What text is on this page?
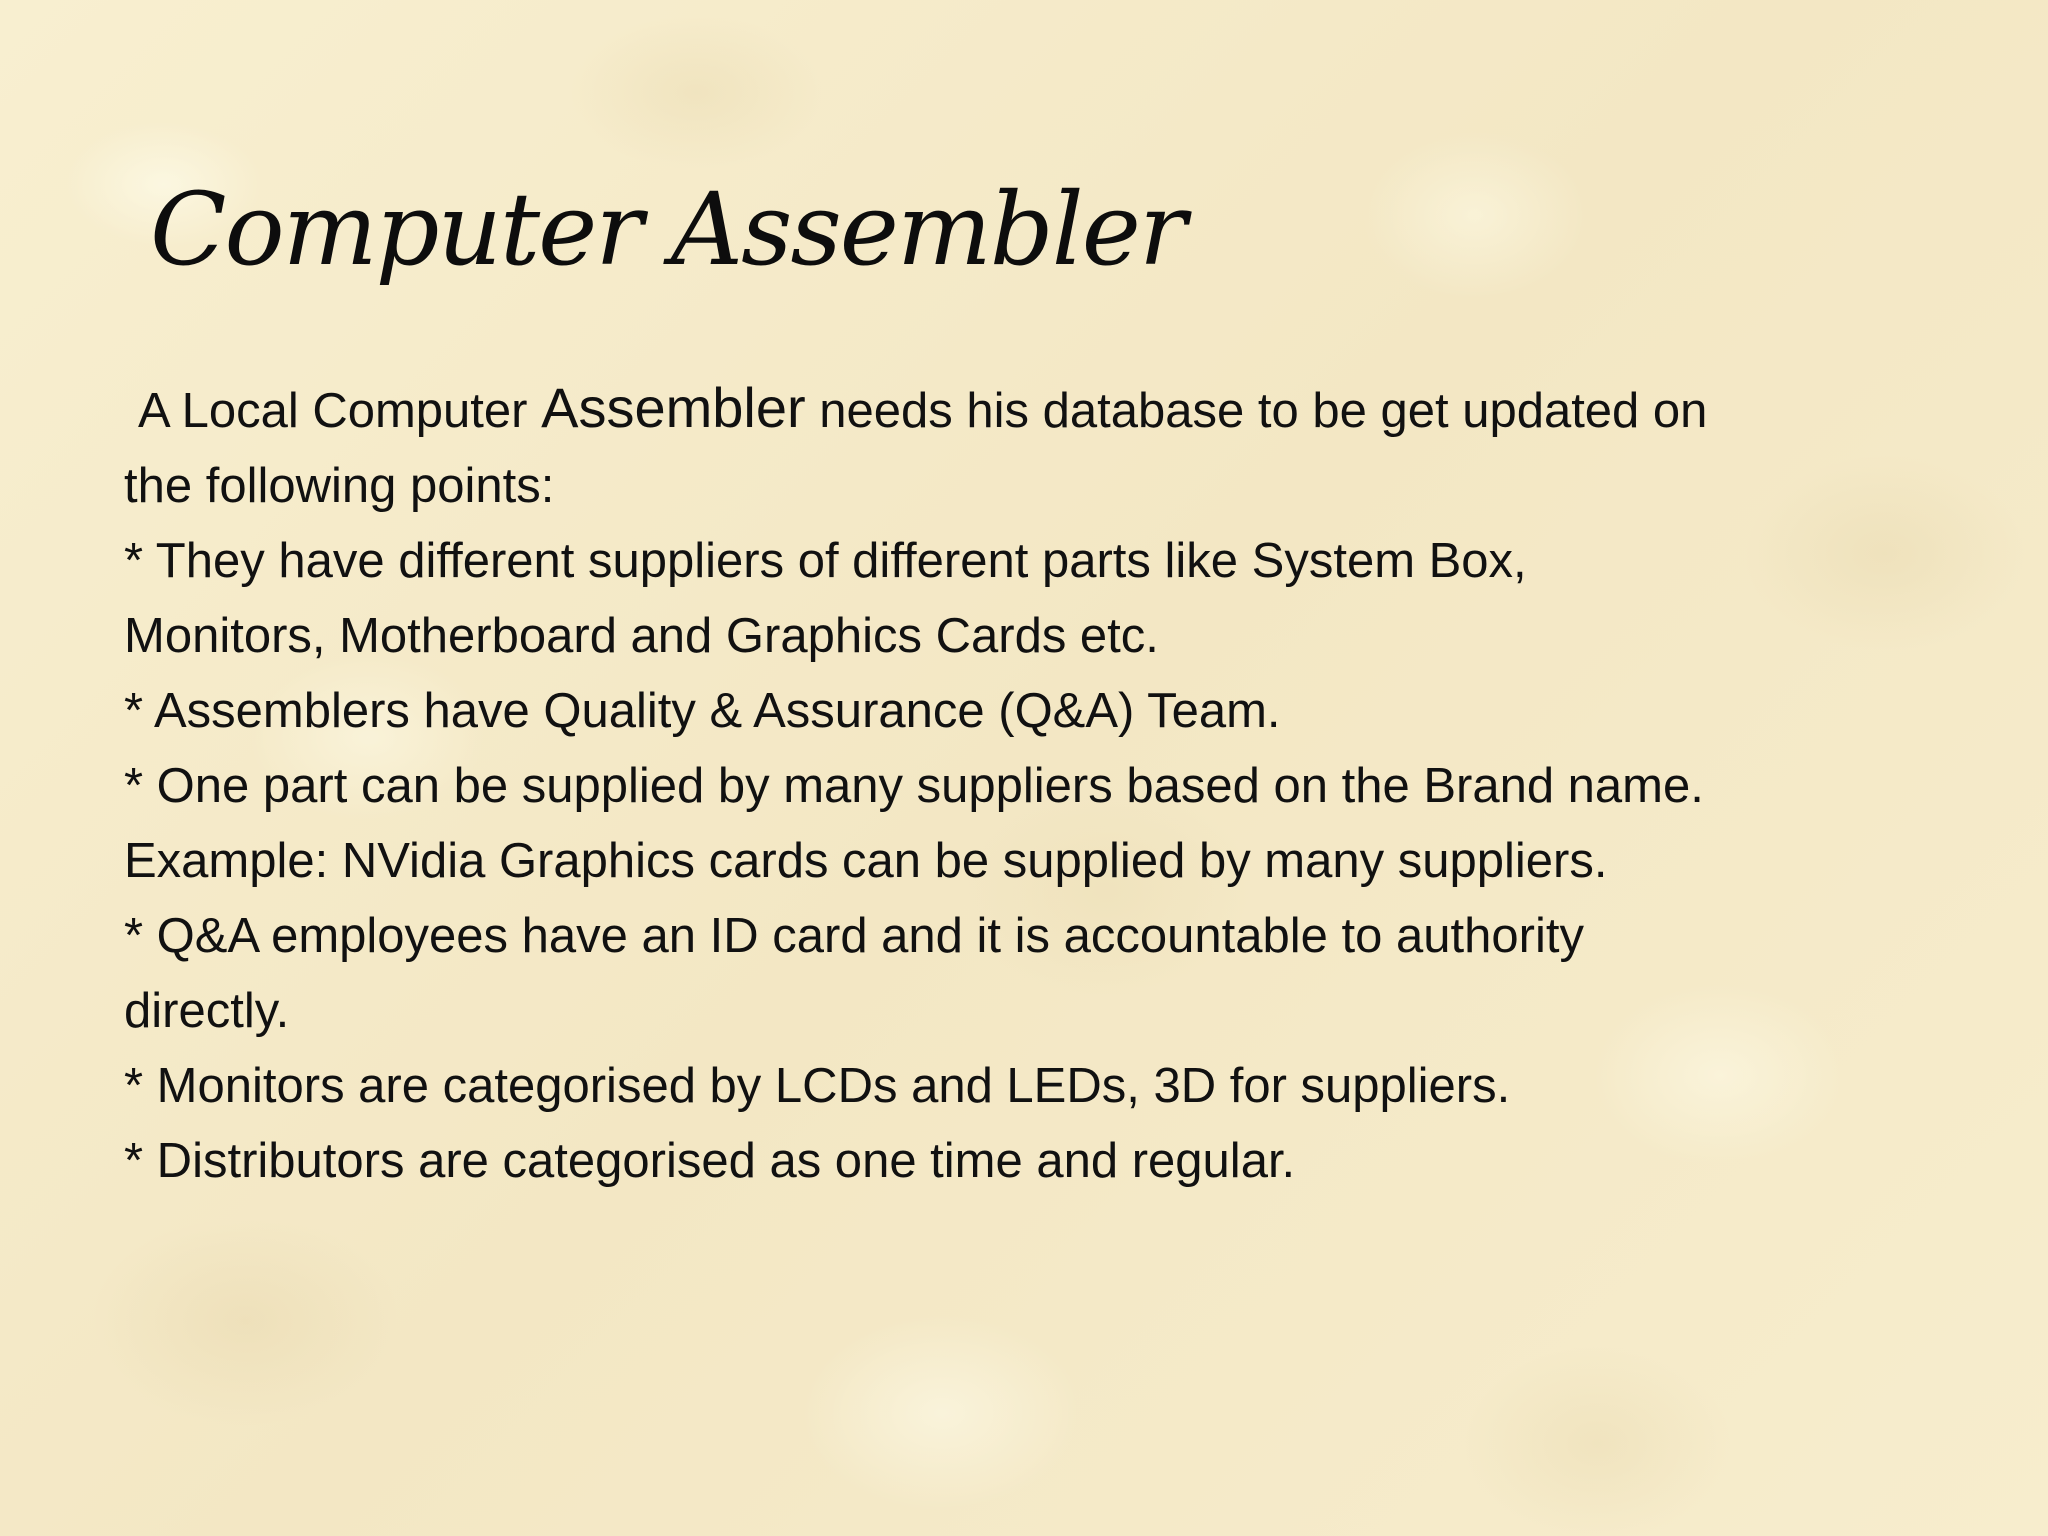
Computer Assembler

A Local Computer Assembler needs his database to be get updated on

the following points:

* They have different suppliers of different parts like System Box,

Monitors, Motherboard and Graphics Cards etc.

* Assemblers have Quality & Assurance (Q&A) Team.

* One part can be supplied by many suppliers based on the Brand name.

Example: NVidia Graphics cards can be supplied by many suppliers.

* Q&A employees have an ID card and it is accountable to authority

directly.

* Monitors are categorised by LCDs and LEDs, 3D for suppliers.

* Distributors are categorised as one time and regular.
